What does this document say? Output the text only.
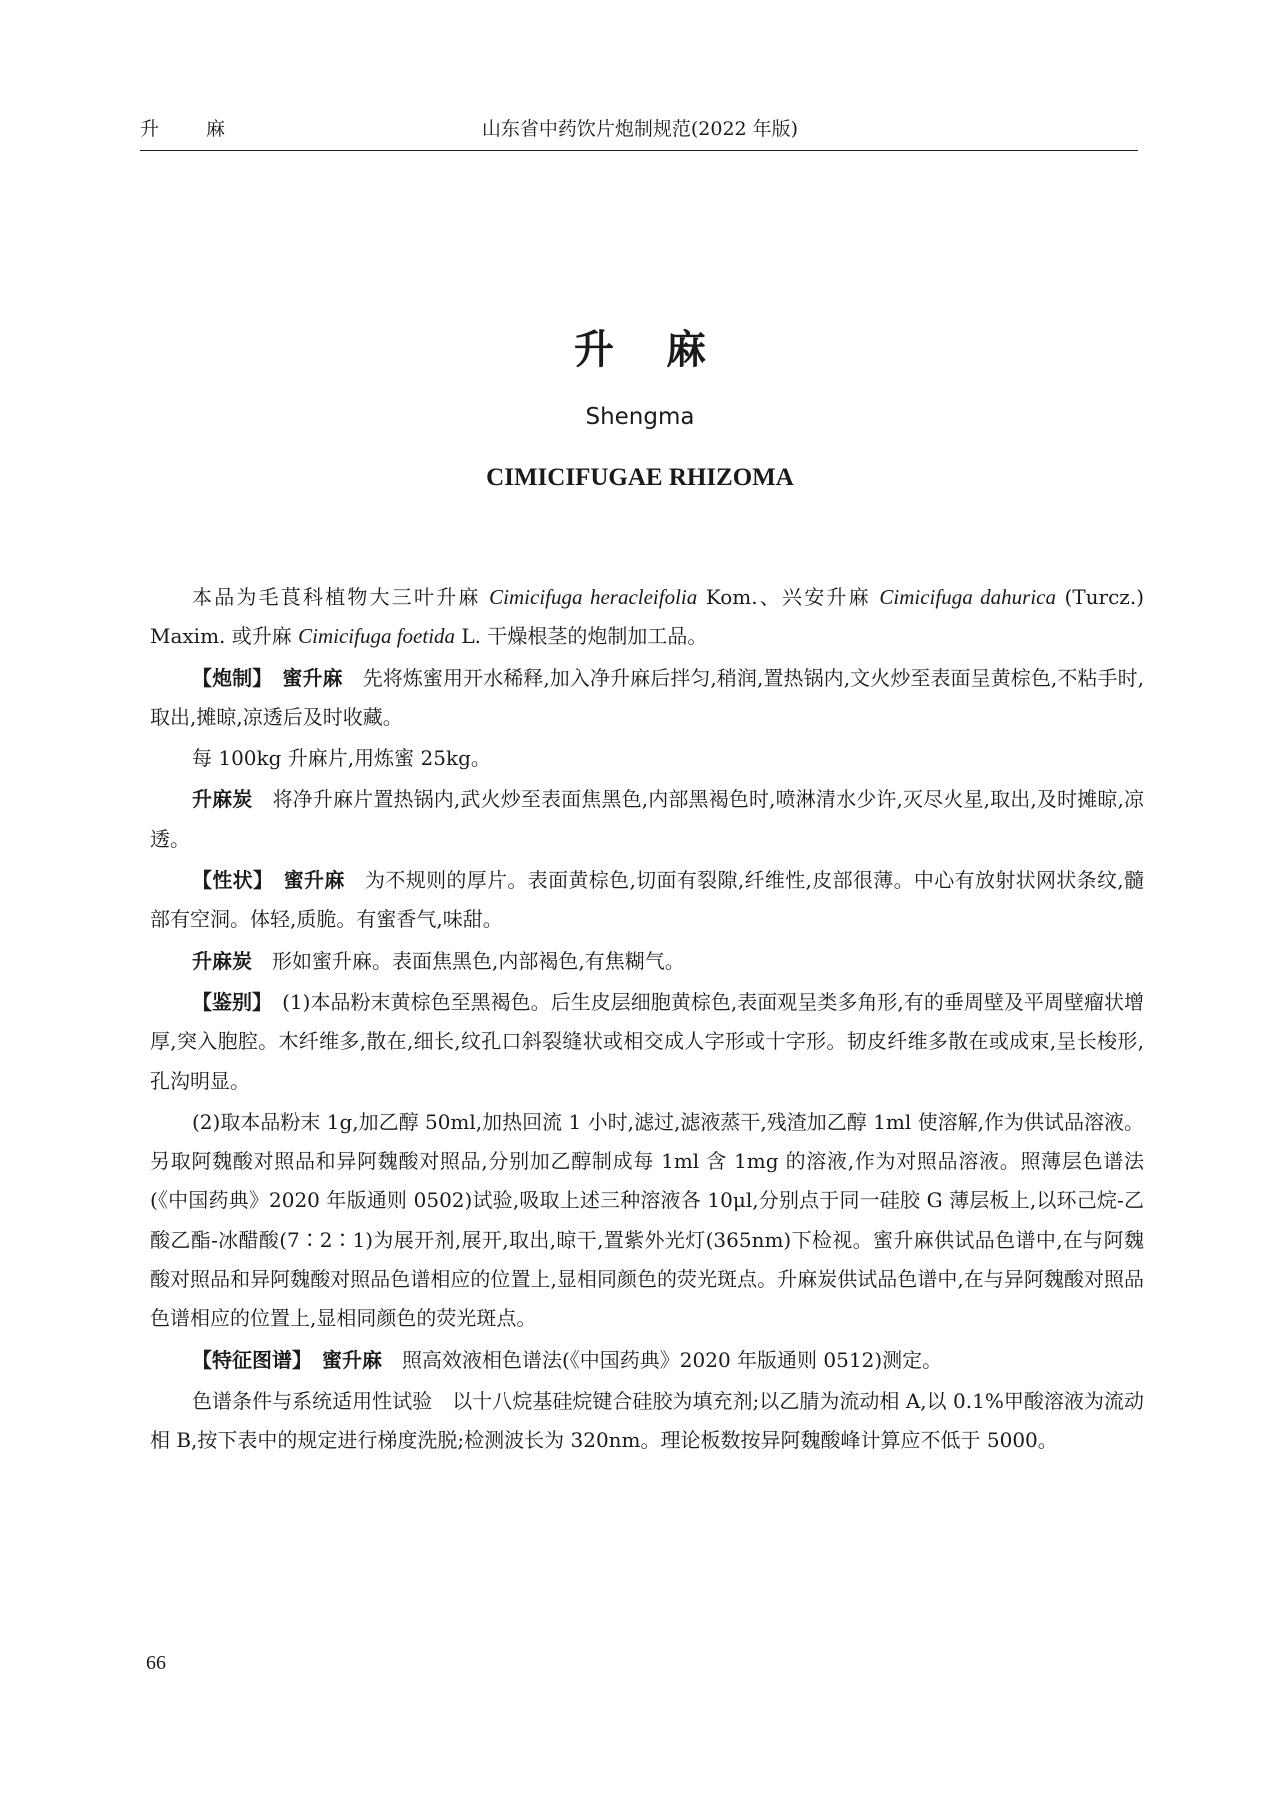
升　麻	山东省中药饮片炮制规范(2022 年版)
升麻
Shengma
CIMICIFUGAE RHIZOMA

本品为毛茛科植物大三叶升麻 Cimicifuga heracleifolia Kom.、兴安升麻 Cimicifuga dahurica (Turcz.) Maxim. 或升麻 Cimicifuga foetida L. 干燥根茎的炮制加工品。

【炮制】　 蜜升麻　先将炼蜜用开水稀释,加入净升麻后拌匀,稍润,置热锅内,文火炒至表面呈黄棕色,不粘手时,取出,摊晾,凉透后及时收藏。

每 100kg 升麻片,用炼蜜 25kg。

升麻炭　将净升麻片置热锅内,武火炒至表面焦黑色,内部黑褐色时,喷淋清水少许,灭尽火星,取出,及时摊晾,凉透。

【性状】　 蜜升麻　为不规则的厚片。表面黄棕色,切面有裂隙,纤维性,皮部很薄。中心有放射状网状条纹,髓部有空洞。体轻,质脆。有蜜香气,味甜。

升麻炭　形如蜜升麻。表面焦黑色,内部褐色,有焦糊气。

【鉴别】　(1)本品粉末黄棕色至黑褐色。后生皮层细胞黄棕色,表面观呈类多角形,有的垂周壁及平周壁瘤状增厚,突入胞腔。木纤维多,散在,细长,纹孔口斜裂缝状或相交成人字形或十字形。韧皮纤维多散在或成束,呈长梭形,孔沟明显。

(2)取本品粉末 1g,加乙醇 50ml,加热回流 1 小时,滤过,滤液蒸干,残渣加乙醇 1ml 使溶解,作为供试品溶液。另取阿魏酸对照品和异阿魏酸对照品,分别加乙醇制成每 1ml 含 1mg 的溶液,作为对照品溶液。照薄层色谱法(《中国药典》2020 年版通则 0502)试验,吸取上述三种溶液各 10μl,分别点于同一硅胶 G 薄层板上,以环己烷-乙酸乙酯-冰醋酸(7∶2∶1)为展开剂,展开,取出,晾干,置紫外光灯(365nm)下检视。蜜升麻供试品色谱中,在与阿魏酸对照品和异阿魏酸对照品色谱相应的位置上,显相同颜色的荧光斑点。升麻炭供试品色谱中,在与异阿魏酸对照品色谱相应的位置上,显相同颜色的荧光斑点。

【特征图谱】　 蜜升麻　照高效液相色谱法(《中国药典》2020 年版通则 0512)测定。

色谱条件与系统适用性试验　以十八烷基硅烷键合硅胶为填充剂;以乙腈为流动相 A,以 0.1%甲酸溶液为流动相 B,按下表中的规定进行梯度洗脱;检测波长为 320nm。理论板数按异阿魏酸峰计算应不低于 5000。

66
